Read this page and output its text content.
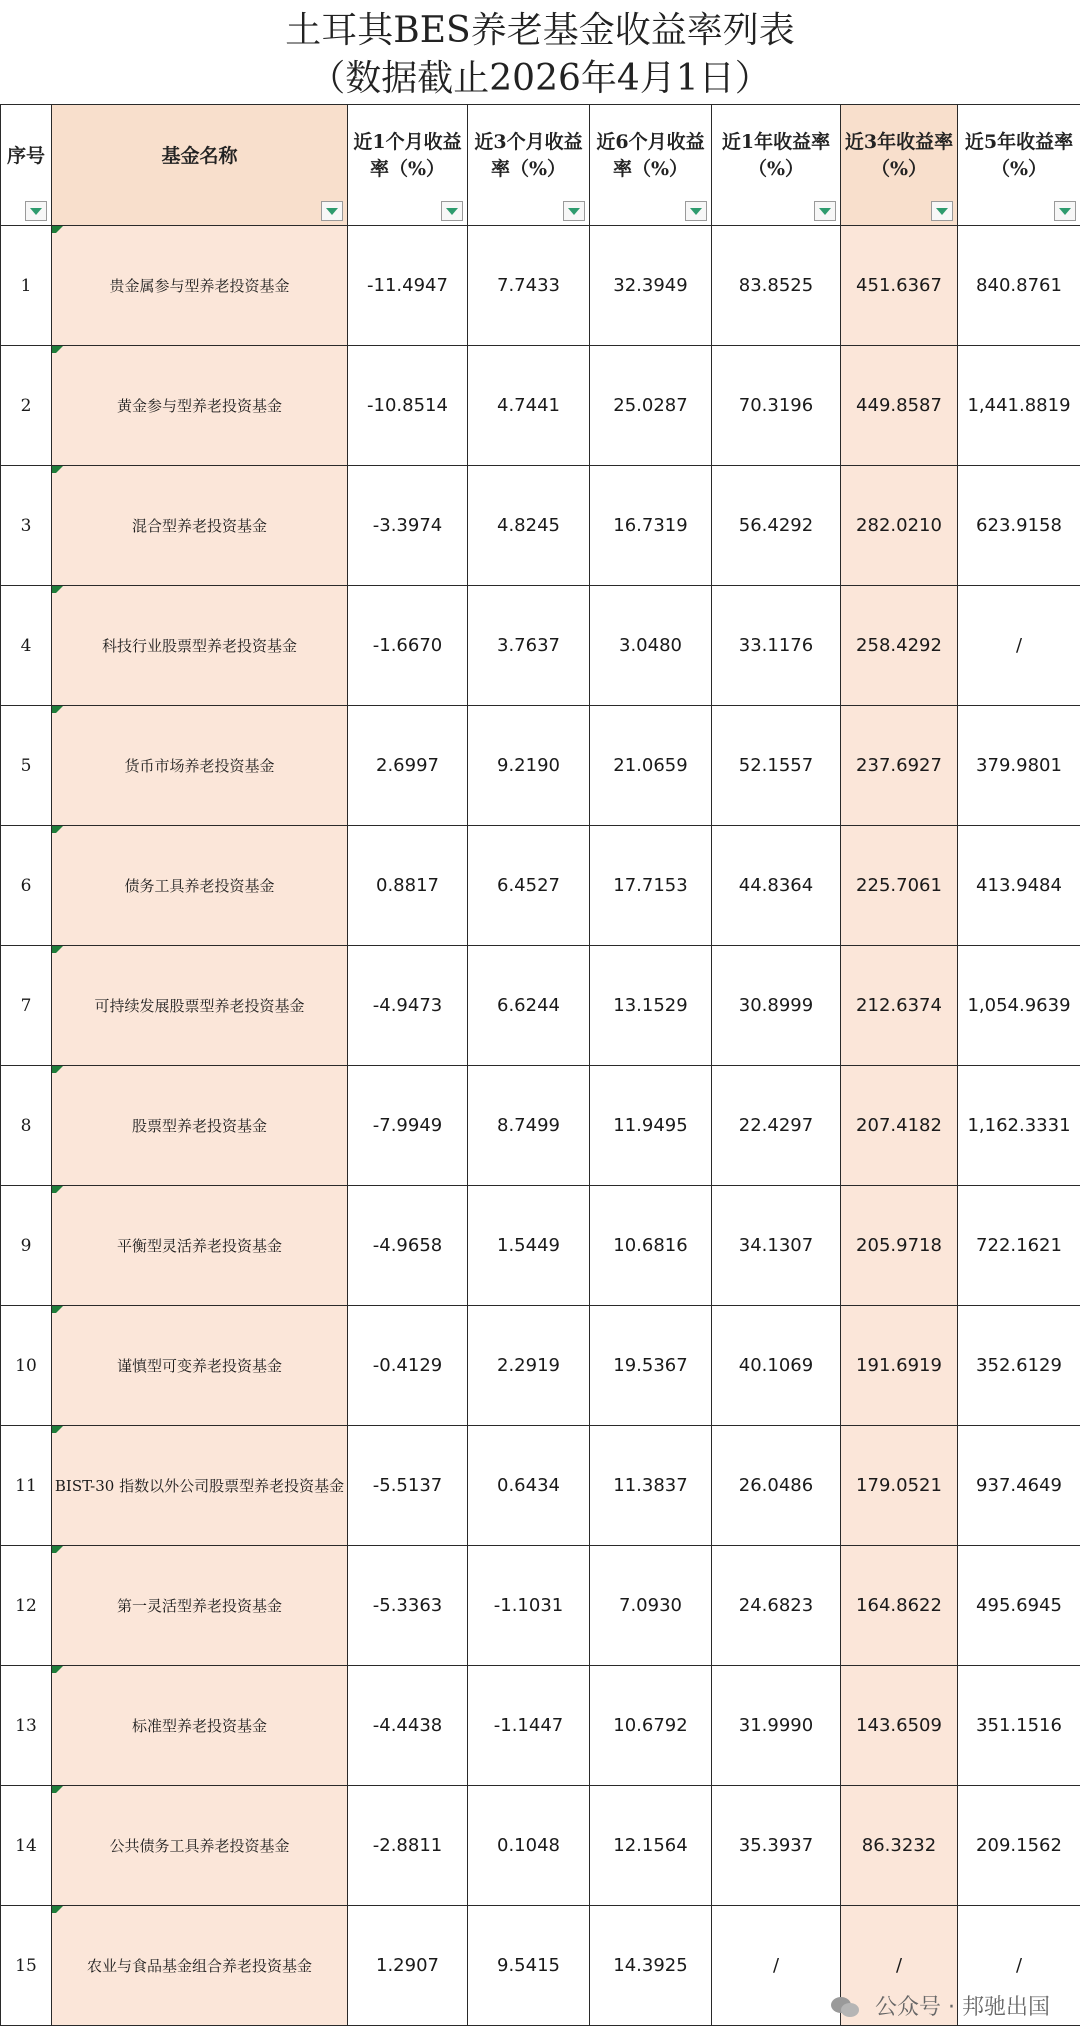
土耳其BES养老基金收益率列表
（数据截止2026年4月1日）
序号	基金名称	近1个月收益率（%）	近3个月收益率（%）	近6个月收益率（%）	近1年收益率（%）	近3年收益率（%）	近5年收益率（%）

1	贵金属参与型养老投资基金	-11.4947	7.7433	32.3949	83.8525	451.6367	840.8761
2	黄金参与型养老投资基金	-10.8514	4.7441	25.0287	70.3196	449.8587	1,441.8819
3	混合型养老投资基金	-3.3974	4.8245	16.7319	56.4292	282.0210	623.9158
4	科技行业股票型养老投资基金	-1.6670	3.7637	3.0480	33.1176	258.4292	/
5	货币市场养老投资基金	2.6997	9.2190	21.0659	52.1557	237.6927	379.9801
6	债务工具养老投资基金	0.8817	6.4527	17.7153	44.8364	225.7061	413.9484
7	可持续发展股票型养老投资基金	-4.9473	6.6244	13.1529	30.8999	212.6374	1,054.9639
8	股票型养老投资基金	-7.9949	8.7499	11.9495	22.4297	207.4182	1,162.3331
9	平衡型灵活养老投资基金	-4.9658	1.5449	10.6816	34.1307	205.9718	722.1621
10	谨慎型可变养老投资基金	-0.4129	2.2919	19.5367	40.1069	191.6919	352.6129
11	BIST-30 指数以外公司股票型养老投资基金	-5.5137	0.6434	11.3837	26.0486	179.0521	937.4649
12	第一灵活型养老投资基金	-5.3363	-1.1031	7.0930	24.6823	164.8622	495.6945
13	标准型养老投资基金	-4.4438	-1.1447	10.6792	31.9990	143.6509	351.1516
14	公共债务工具养老投资基金	-2.8811	0.1048	12.1564	35.3937	86.3232	209.1562
15	农业与食品基金组合养老投资基金	1.2907	9.5415	14.3925	/	/	/
公众号 · 邦驰出国
